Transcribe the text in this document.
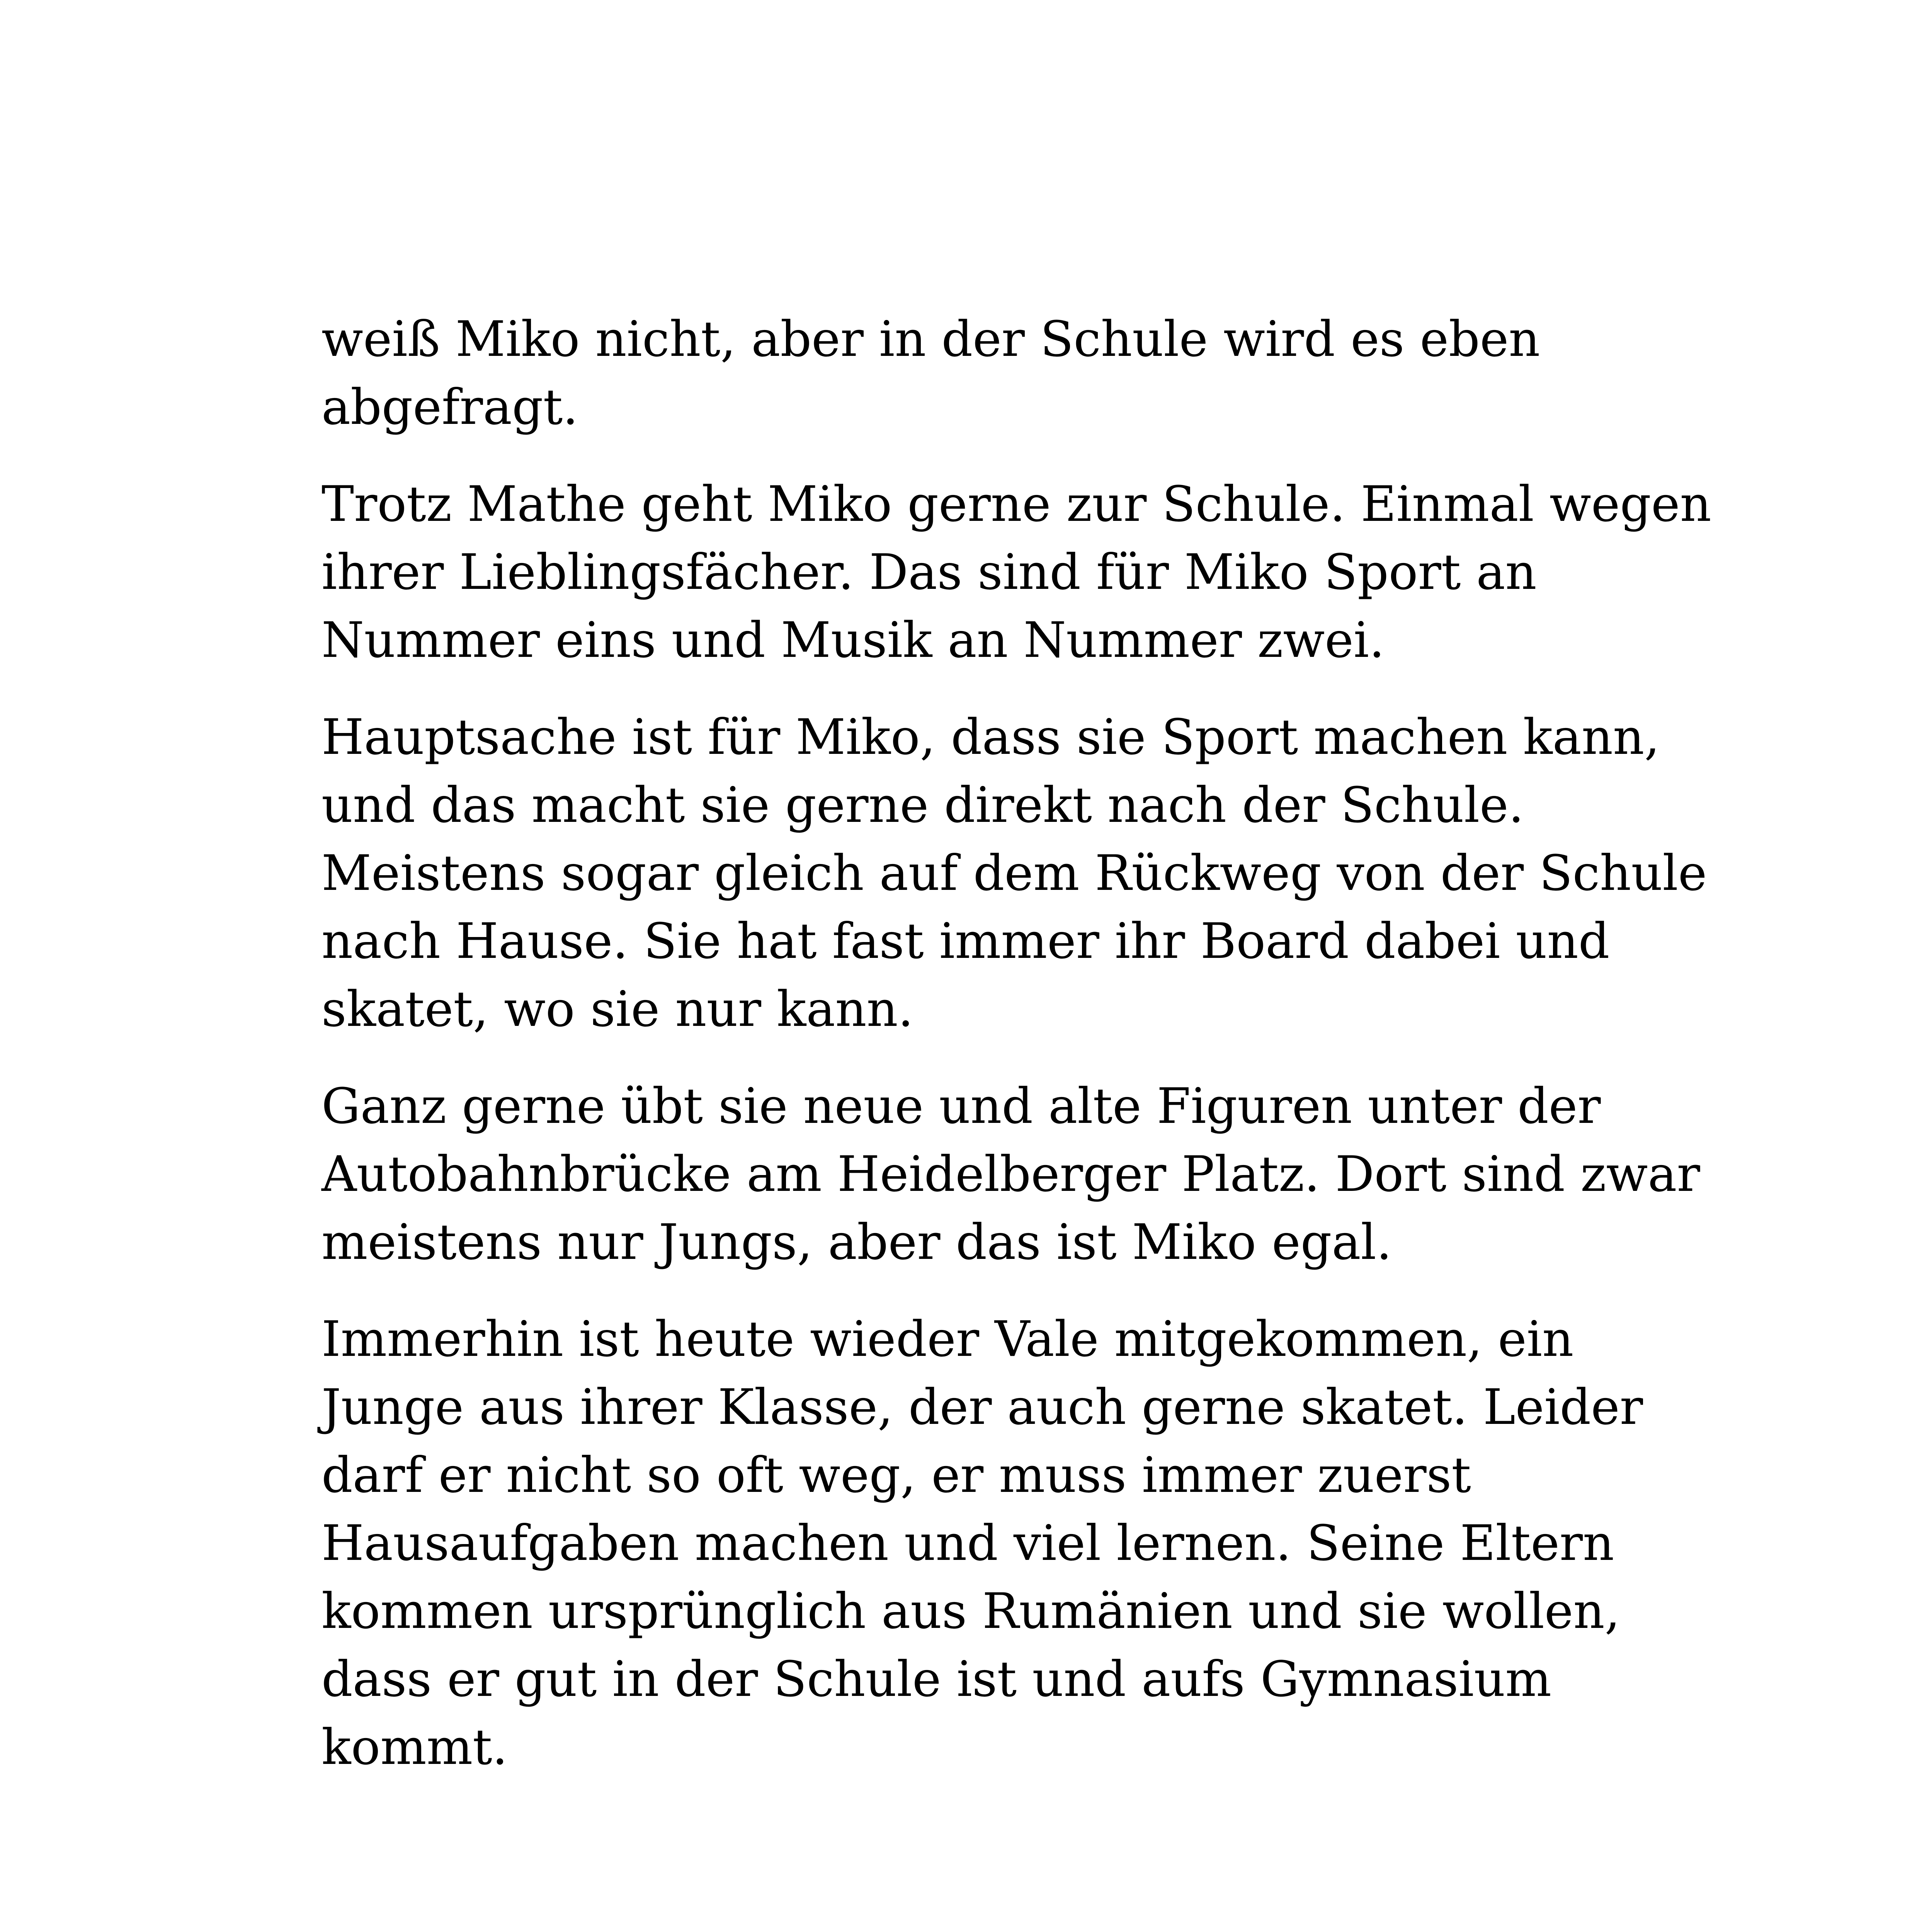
weiß Miko nicht, aber in der Schule wird es eben
abgefragt.

Trotz Mathe geht Miko gerne zur Schule. Einmal wegen
ihrer Lieblingsfächer. Das sind für Miko Sport an
Nummer eins und Musik an Nummer zwei.

Hauptsache ist für Miko, dass sie Sport machen kann,
und das macht sie gerne direkt nach der Schule.
Meistens sogar gleich auf dem Rückweg von der Schule
nach Hause. Sie hat fast immer ihr Board dabei und
skatet, wo sie nur kann.

Ganz gerne übt sie neue und alte Figuren unter der
Autobahnbrücke am Heidelberger Platz. Dort sind zwar
meistens nur Jungs, aber das ist Miko egal.

Immerhin ist heute wieder Vale mitgekommen, ein
Junge aus ihrer Klasse, der auch gerne skatet. Leider
darf er nicht so oft weg, er muss immer zuerst
Hausaufgaben machen und viel lernen. Seine Eltern
kommen ursprünglich aus Rumänien und sie wollen,
dass er gut in der Schule ist und aufs Gymnasium
kommt.
